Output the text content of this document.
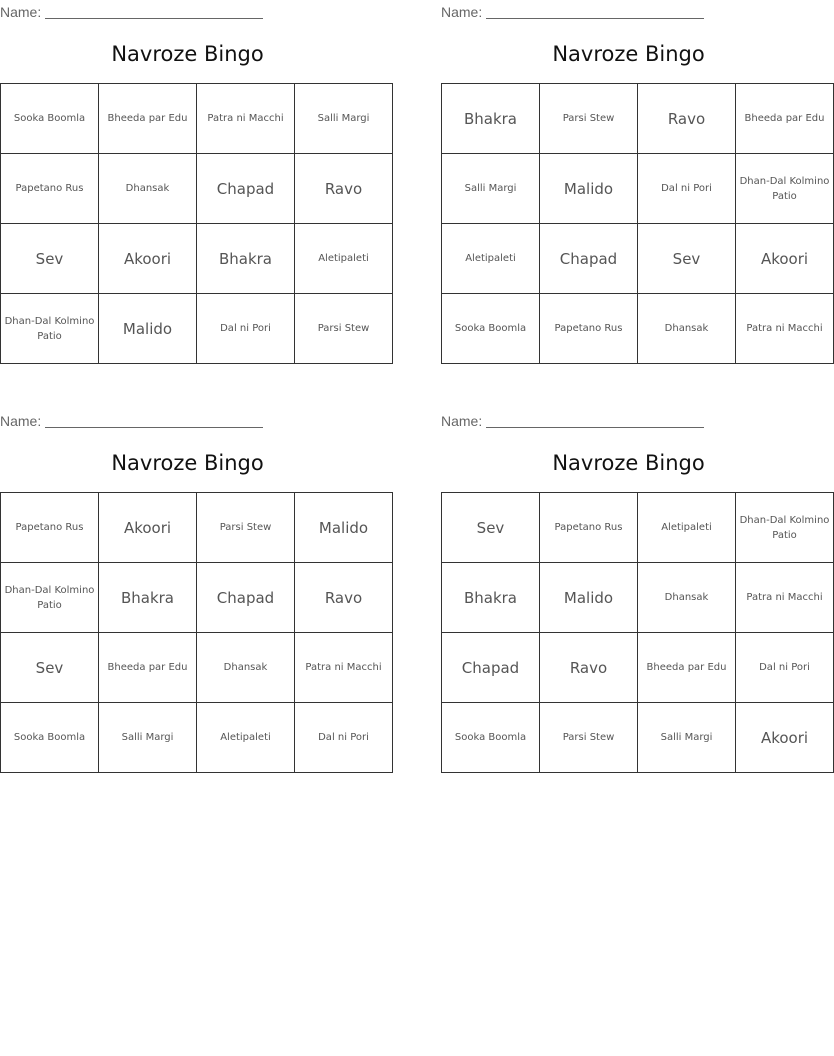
Name:
Navroze Bingo
Sooka Boomla	Bheeda par Edu	Patra ni Macchi	Salli Margi
Papetano Rus	Dhansak	Chapad	Ravo
Sev	Akoori	Bhakra	Aletipaleti
Dhan-Dal Kolmino Patio	Malido	Dal ni Pori	Parsi Stew
Name:
Navroze Bingo
Bhakra	Parsi Stew	Ravo	Bheeda par Edu
Salli Margi	Malido	Dal ni Pori	Dhan-Dal Kolmino Patio
Aletipaleti	Chapad	Sev	Akoori
Sooka Boomla	Papetano Rus	Dhansak	Patra ni Macchi
Name:
Navroze Bingo
Papetano Rus	Akoori	Parsi Stew	Malido
Dhan-Dal Kolmino Patio	Bhakra	Chapad	Ravo
Sev	Bheeda par Edu	Dhansak	Patra ni Macchi
Sooka Boomla	Salli Margi	Aletipaleti	Dal ni Pori
Name:
Navroze Bingo
Sev	Papetano Rus	Aletipaleti	Dhan-Dal Kolmino Patio
Bhakra	Malido	Dhansak	Patra ni Macchi
Chapad	Ravo	Bheeda par Edu	Dal ni Pori
Sooka Boomla	Parsi Stew	Salli Margi	Akoori
